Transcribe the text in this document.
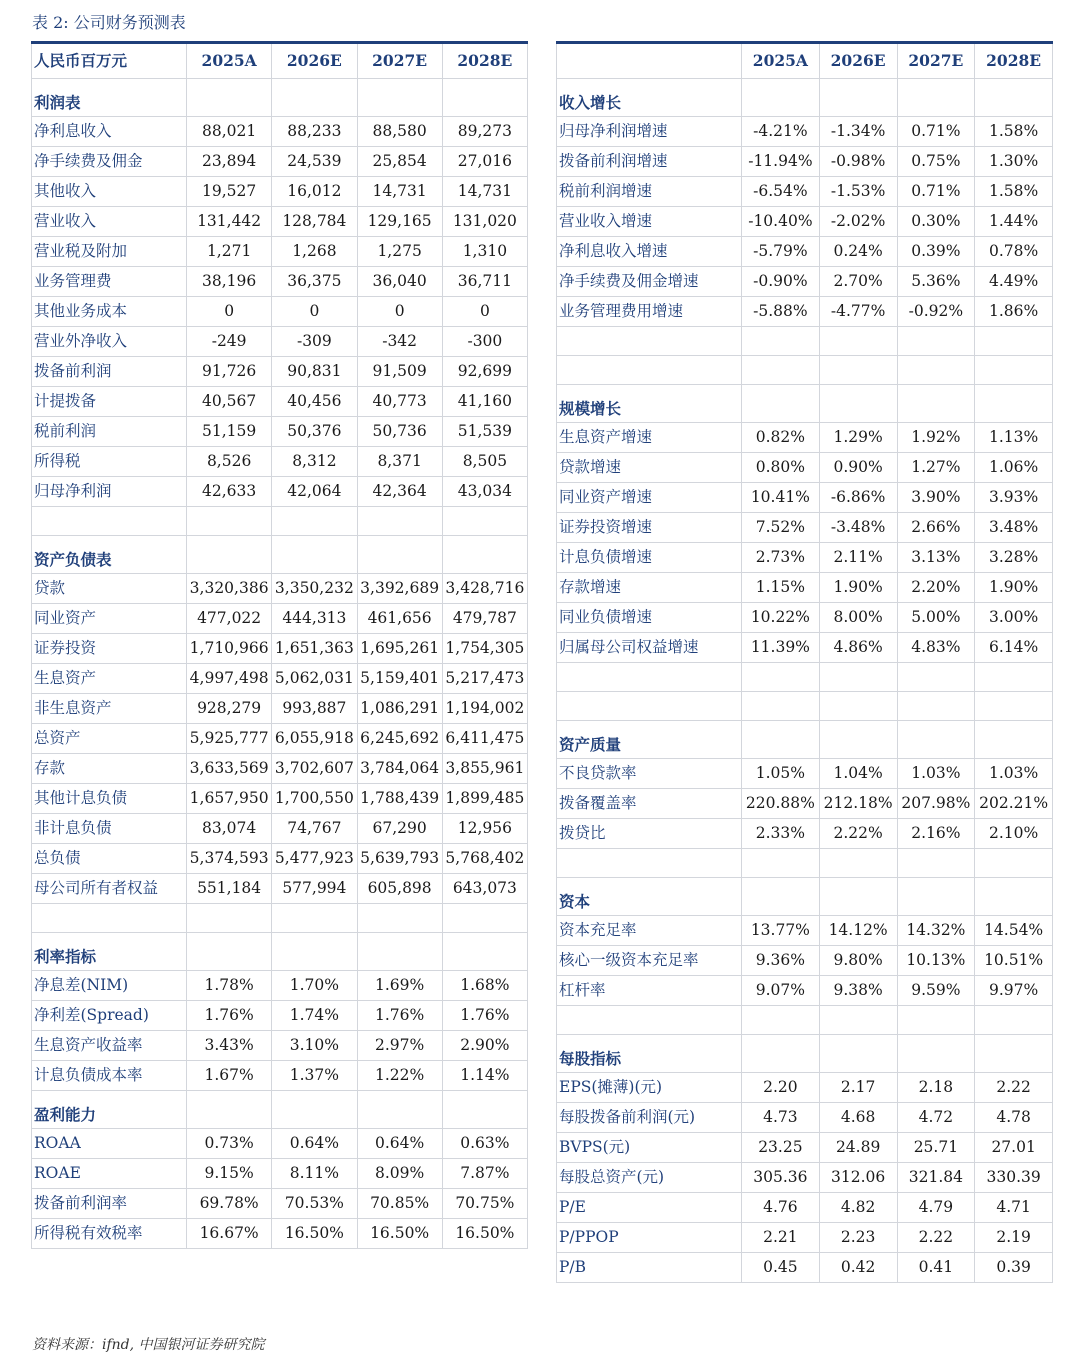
表 2: 公司财务预测表
人民币百万元	2025A	2026E	2027E	2028E
利润表				
净利息收入	88,021	88,233	88,580	89,273
净手续费及佣金	23,894	24,539	25,854	27,016
其他收入	19,527	16,012	14,731	14,731
营业收入	131,442	128,784	129,165	131,020
营业税及附加	1,271	1,268	1,275	1,310
业务管理费	38,196	36,375	36,040	36,711
其他业务成本	0	0	0	0
营业外净收入	-249	-309	-342	-300
拨备前利润	91,726	90,831	91,509	92,699
计提拨备	40,567	40,456	40,773	41,160
税前利润	51,159	50,376	50,736	51,539
所得税	8,526	8,312	8,371	8,505
归母净利润	42,633	42,064	42,364	43,034

资产负债表				
贷款	3,320,386	3,350,232	3,392,689	3,428,716
同业资产	477,022	444,313	461,656	479,787
证券投资	1,710,966	1,651,363	1,695,261	1,754,305
生息资产	4,997,498	5,062,031	5,159,401	5,217,473
非生息资产	928,279	993,887	1,086,291	1,194,002
总资产	5,925,777	6,055,918	6,245,692	6,411,475
存款	3,633,569	3,702,607	3,784,064	3,855,961
其他计息负债	1,657,950	1,700,550	1,788,439	1,899,485
非计息负债	83,074	74,767	67,290	12,956
总负债	5,374,593	5,477,923	5,639,793	5,768,402
母公司所有者权益	551,184	577,994	605,898	643,073

利率指标				
净息差(NIM)	1.78%	1.70%	1.69%	1.68%
净利差(Spread)	1.76%	1.74%	1.76%	1.76%
生息资产收益率	3.43%	3.10%	2.97%	2.90%
计息负债成本率	1.67%	1.37%	1.22%	1.14%
盈利能力				
ROAA	0.73%	0.64%	0.64%	0.63%
ROAE	9.15%	8.11%	8.09%	7.87%
拨备前利润率	69.78%	70.53%	70.85%	70.75%
所得税有效税率	16.67%	16.50%	16.50%	16.50%
	2025A	2026E	2027E	2028E
收入增长				
归母净利润增速	-4.21%	-1.34%	0.71%	1.58%
拨备前利润增速	-11.94%	-0.98%	0.75%	1.30%
税前利润增速	-6.54%	-1.53%	0.71%	1.58%
营业收入增速	-10.40%	-2.02%	0.30%	1.44%
净利息收入增速	-5.79%	0.24%	0.39%	0.78%
净手续费及佣金增速	-0.90%	2.70%	5.36%	4.49%
业务管理费用增速	-5.88%	-4.77%	-0.92%	1.86%

规模增长				
生息资产增速	0.82%	1.29%	1.92%	1.13%
贷款增速	0.80%	0.90%	1.27%	1.06%
同业资产增速	10.41%	-6.86%	3.90%	3.93%
证券投资增速	7.52%	-3.48%	2.66%	3.48%
计息负债增速	2.73%	2.11%	3.13%	3.28%
存款增速	1.15%	1.90%	2.20%	1.90%
同业负债增速	10.22%	8.00%	5.00%	3.00%
归属母公司权益增速	11.39%	4.86%	4.83%	6.14%

资产质量				
不良贷款率	1.05%	1.04%	1.03%	1.03%
拨备覆盖率	220.88%	212.18%	207.98%	202.21%
拨贷比	2.33%	2.22%	2.16%	2.10%

资本				
资本充足率	13.77%	14.12%	14.32%	14.54%
核心一级资本充足率	9.36%	9.80%	10.13%	10.51%
杠杆率	9.07%	9.38%	9.59%	9.97%

每股指标				
EPS(摊薄)(元)	2.20	2.17	2.18	2.22
每股拨备前利润(元)	4.73	4.68	4.72	4.78
BVPS(元)	23.25	24.89	25.71	27.01
每股总资产(元)	305.36	312.06	321.84	330.39
P/E	4.76	4.82	4.79	4.71
P/PPOP	2.21	2.23	2.22	2.19
P/B	0.45	0.42	0.41	0.39
资料来源：ifnd, 中国银河证券研究院
